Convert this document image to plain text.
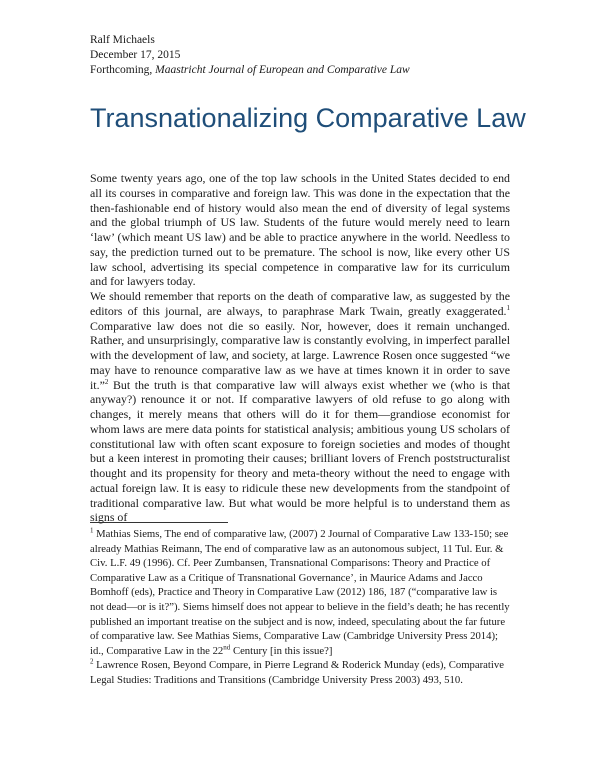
Ralf Michaels
December 17, 2015
Forthcoming, Maastricht Journal of European and Comparative Law
Transnationalizing Comparative Law

Some twenty years ago, one of the top law schools in the United States decided to end all its courses in comparative and foreign law. This was done in the expectation that the then-fashionable end of history would also mean the end of diversity of legal systems and the global triumph of US law. Students of the future would merely need to learn ‘law’ (which meant US law) and be able to practice anywhere in the world. Needless to say, the prediction turned out to be premature. The school is now, like every other US law school, advertising its special competence in comparative law for its curriculum and for lawyers today.

We should remember that reports on the death of comparative law, as suggested by the editors of this journal, are always, to paraphrase Mark Twain, greatly exaggerated.$^1$ Comparative law does not die so easily. Nor, however, does it remain unchanged. Rather, and unsurprisingly, comparative law is constantly evolving, in imperfect parallel with the development of law, and society, at large. Lawrence Rosen once suggested “we may have to renounce comparative law as we have at times known it in order to save it.”$^2$ But the truth is that comparative law will always exist whether we (who is that anyway?) renounce it or not. If comparative lawyers of old refuse to go along with changes, it merely means that others will do it for them—grandiose economist for whom laws are mere data points for statistical analysis; ambitious young US scholars of constitutional law with often scant exposure to foreign societies and modes of thought but a keen interest in promoting their causes; brilliant lovers of French poststructuralist thought and its propensity for theory and meta-theory without the need to engage with actual foreign law. It is easy to ridicule these new developments from the standpoint of traditional comparative law. But what would be more helpful is to understand them as signs of

$^1$ Mathias Siems, The end of comparative law, (2007) 2 Journal of Comparative Law 133-150; see already Mathias Reimann, The end of comparative law as an autonomous subject, 11 Tul. Eur. & Civ. L.F. 49 (1996). Cf. Peer Zumbansen, Transnational Comparisons: Theory and Practice of Comparative Law as a Critique of Transnational Governance’, in Maurice Adams and Jacco Bomhoff (eds), Practice and Theory in Comparative Law (2012) 186, 187 (“comparative law is not dead—or is it?”). Siems himself does not appear to believe in the field’s death; he has recently published an important treatise on the subject and is now, indeed, speculating about the far future of comparative law. See Mathias Siems, Comparative Law (Cambridge University Press 2014); id., Comparative Law in the 22nd Century [in this issue?]

$^2$ Lawrence Rosen, Beyond Compare, in Pierre Legrand & Roderick Munday (eds), Comparative Legal Studies: Traditions and Transitions (Cambridge University Press 2003) 493, 510.
